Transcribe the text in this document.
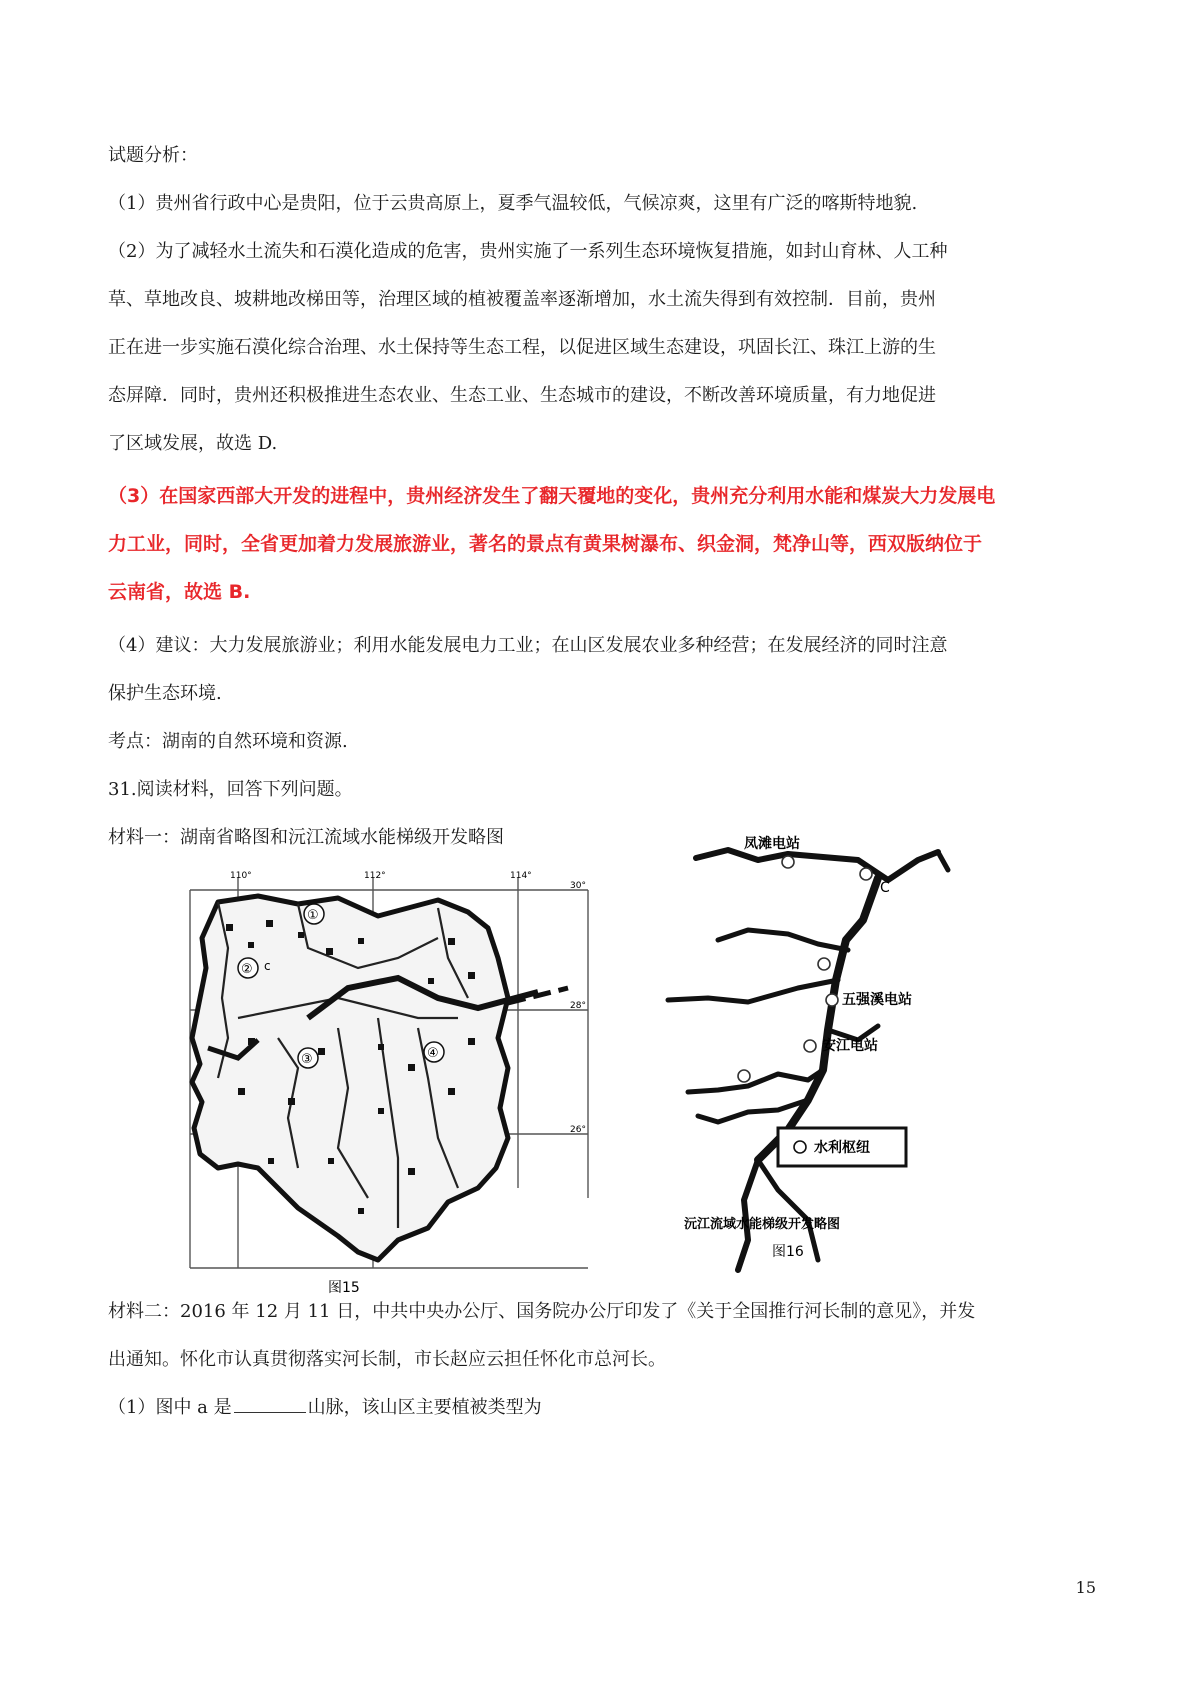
试题分析：

（1）贵州省行政中心是贵阳，位于云贵高原上，夏季气温较低，气候凉爽，这里有广泛的喀斯特地貌.

（2）为了减轻水土流失和石漠化造成的危害，贵州实施了一系列生态环境恢复措施，如封山育林、人工种

草、草地改良、坡耕地改梯田等，治理区域的植被覆盖率逐渐增加，水土流失得到有效控制．目前，贵州

正在进一步实施石漠化综合治理、水土保持等生态工程，以促进区域生态建设，巩固长江、珠江上游的生

态屏障．同时，贵州还积极推进生态农业、生态工业、生态城市的建设，不断改善环境质量，有力地促进

了区域发展，故选 D.

（3）在国家西部大开发的进程中，贵州经济发生了翻天覆地的变化，贵州充分利用水能和煤炭大力发展电

力工业，同时，全省更加着力发展旅游业，著名的景点有黄果树瀑布、织金洞，梵净山等，西双版纳位于

云南省，故选 B.

（4）建议：大力发展旅游业；利用水能发展电力工业；在山区发展农业多种经营；在发展经济的同时注意

保护生态环境.

考点：湖南的自然环境和资源.

31.阅读材料，回答下列问题。

材料一：湖南省略图和沅江流域水能梯级开发略图

110°	112°	114°
30°
28°
26°
①
②
③	④
c
图15
凤滩电站
C
五强溪电站
安江电站
水利枢纽
沅江流域水能梯级开发略图
图16

材料二：2016 年 12 月 11 日，中共中央办公厅、国务院办公厅印发了《关于全国推行河长制的意见》，并发

出通知。怀化市认真贯彻落实河长制，市长赵应云担任怀化市总河长。

（1）图中 a 是	山脉，该山区主要植被类型为

15
